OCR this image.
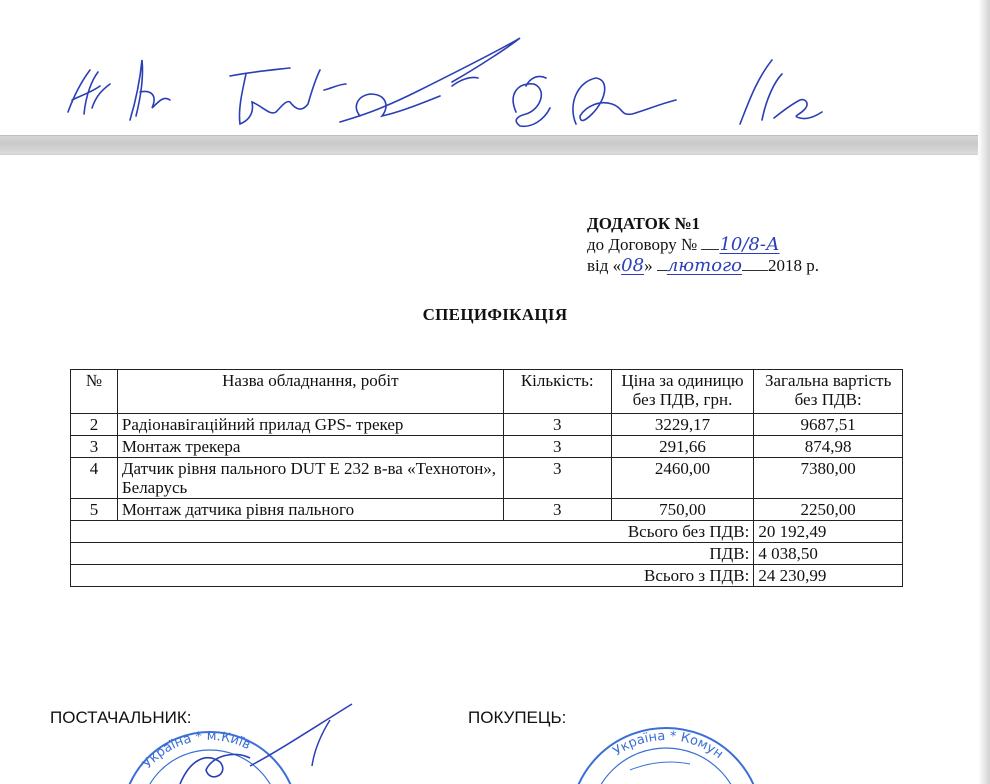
ДОДАТОК №1
до Договору № 10/8-А
від «08» лютого 2018 р.
СПЕЦИФІКАЦІЯ
№	Назва обладнання, робіт	Кількість:	Ціна за одиницю без ПДВ, грн.	Загальна вартість без ПДВ:
2	Радіонавігаційний прилад GPS- трекер	3	3229,17	9687,51
3	Монтаж трекера	3	291,66	874,98
4	Датчик рівня пального DUT E 232 в-ва «Технотон», Беларусь	3	2460,00	7380,00
5	Монтаж датчика рівня пального	3	750,00	2250,00
Всього без ПДВ:				20 192,49
ПДВ:				4 038,50
Всього з ПДВ:				24 230,99
ПОСТАЧАЛЬНИК:	ПОКУПЕЦЬ:
Україна * м.Київ	Україна * Комун
